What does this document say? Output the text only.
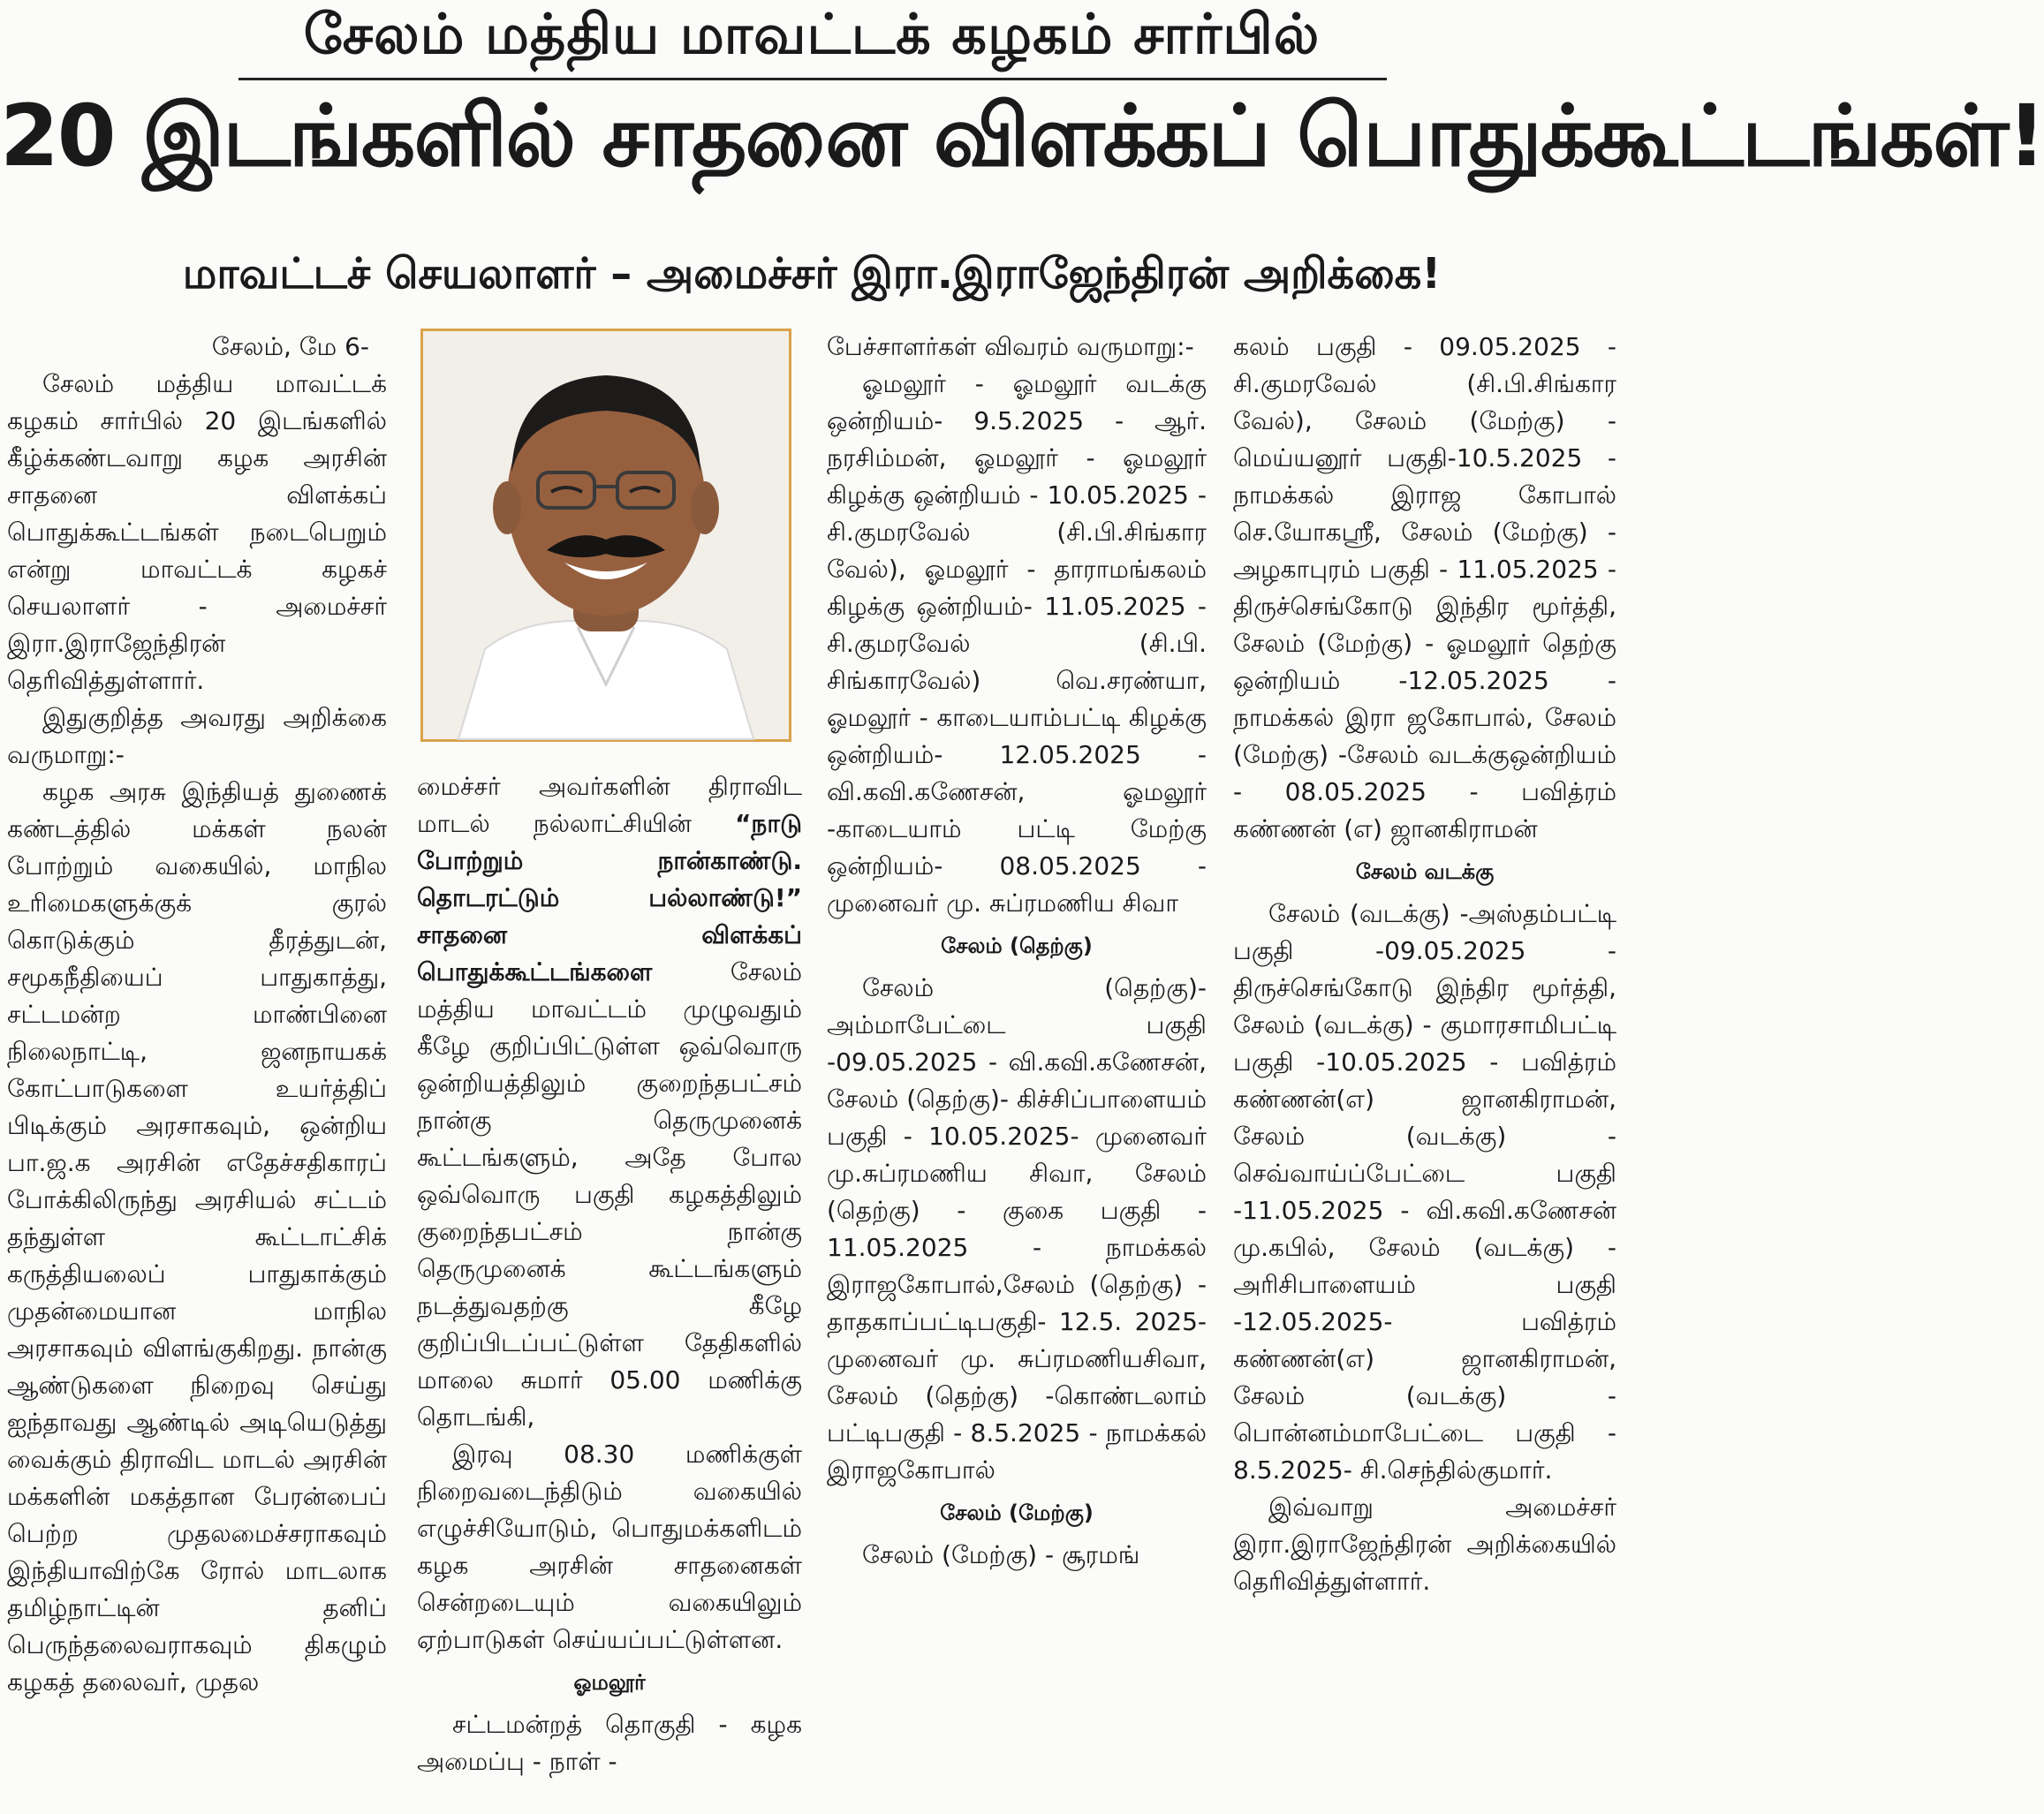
சேலம் மத்திய மாவட்டக் கழகம் சார்பில்
20 இடங்களில் சாதனை விளக்கப் பொதுக்கூட்டங்கள்!
மாவட்டச் செயலாளர் – அமைச்சர் இரா.இராஜேந்திரன் அறிக்கை!

சேலம், மே 6-

சேலம் மத்திய மாவட்டக் கழகம் சார்பில் 20 இடங்களில் கீழ்க்கண்டவாறு கழக அரசின் சாதனை விளக்கப் பொதுக்கூட்டங்கள் நடைபெறும் என்று மாவட்டக் கழகச் செயலாளர் - அமைச்சர் இரா.இராஜேந்திரன் தெரிவித்துள்ளார்.

இதுகுறித்த அவரது அறிக்கை வருமாறு:-

கழக அரசு இந்தியத் துணைக் கண்டத்தில் மக்கள் நலன் போற்றும் வகையில், மாநில உரிமைகளுக்குக் குரல் கொடுக்கும் தீரத்துடன், சமூகநீதியைப் பாதுகாத்து, சட்டமன்ற மாண்பினை நிலைநாட்டி, ஜனநாயகக் கோட்பாடுகளை உயர்த்திப் பிடிக்கும் அரசாகவும், ஒன்றிய பா.ஜ.க அரசின் எதேச்சதிகாரப் போக்கிலிருந்து அரசியல் சட்டம் தந்துள்ள கூட்டாட்சிக் கருத்தியலைப் பாதுகாக்கும் முதன்மையான மாநில அரசாகவும் விளங்குகிறது. நான்கு ஆண்டுகளை நிறைவு செய்து ஐந்தாவது ஆண்டில் அடியெடுத்து வைக்கும் திராவிட மாடல் அரசின் மக்களின் மகத்தான பேரன்பைப் பெற்ற முதலமைச்சராகவும் இந்தியாவிற்கே ரோல் மாடலாக தமிழ்நாட்டின் தனிப் பெருந்தலைவராகவும் திகழும் கழகத் தலைவர், முதல

மைச்சர் அவர்களின் திராவிட மாடல் நல்லாட்சியின் “நாடு போற்றும் நான்காண்டு. தொடரட்டும் பல்லாண்டு!” சாதனை விளக்கப் பொதுக்கூட்டங்களை சேலம் மத்திய மாவட்டம் முழுவதும் கீழே குறிப்பிட்டுள்ள ஒவ்வொரு ஒன்றியத்திலும் குறைந்தபட்சம் நான்கு தெருமுனைக் கூட்டங்களும், அதே போல ஒவ்வொரு பகுதி கழகத்திலும் குறைந்தபட்சம் நான்கு தெருமுனைக் கூட்டங்களும் நடத்துவதற்கு கீழே குறிப்பிடப்பட்டுள்ள தேதிகளில் மாலை சுமார் 05.00 மணிக்கு தொடங்கி,

இரவு 08.30 மணிக்குள் நிறைவடைந்திடும் வகையில் எழுச்சியோடும், பொதுமக்களிடம் கழக அரசின் சாதனைகள் சென்றடையும் வகையிலும் ஏற்பாடுகள் செய்யப்பட்டுள்ளன.

ஓமலூர்

சட்டமன்றத் தொகுதி - கழக அமைப்பு - நாள் -

பேச்சாளர்கள் விவரம் வருமாறு:-

ஓமலூர் - ஓமலூர் வடக்கு ஒன்றியம்- 9.5.2025 - ஆர். நரசிம்மன், ஓமலூர் - ஓமலூர் கிழக்கு ஒன்றியம் - 10.05.2025 - சி.குமரவேல் (சி.பி.சிங்கார வேல்), ஓமலூர் - தாராமங்கலம் கிழக்கு ஒன்றியம்- 11.05.2025 - சி.குமரவேல் (சி.பி. சிங்காரவேல்) வெ.சரண்யா, ஓமலூர் - காடையாம்பட்டி கிழக்கு ஒன்றியம்- 12.05.2025 - வி.கவி.கணேசன், ஓமலூர் -காடையாம் பட்டி மேற்கு ஒன்றியம்- 08.05.2025 - முனைவர் மு. சுப்ரமணிய சிவா

சேலம் (தெற்கு)

சேலம் (தெற்கு)- அம்மாபேட்டை பகுதி -09.05.2025 - வி.கவி.கணேசன், சேலம் (தெற்கு)- கிச்சிப்பாளையம் பகுதி - 10.05.2025- முனைவர் மு.சுப்ரமணிய சிவா, சேலம் (தெற்கு) - குகை பகுதி - 11.05.2025 - நாமக்கல் இராஜகோபால்,சேலம் (தெற்கு) - தாதகாப்பட்டிபகுதி- 12.5. 2025- முனைவர் மு. சுப்ரமணியசிவா, சேலம் (தெற்கு) -கொண்டலாம் பட்டிபகுதி - 8.5.2025 - நாமக்கல் இராஜகோபால்

சேலம் (மேற்கு)

சேலம் (மேற்கு) - சூரமங்

கலம் பகுதி - 09.05.2025 - சி.குமரவேல் (சி.பி.சிங்கார வேல்), சேலம் (மேற்கு) - மெய்யனூர் பகுதி-10.5.2025 - நாமக்கல் இராஜ கோபால் செ.யோகஸ்ரீ, சேலம் (மேற்கு) - அழகாபுரம் பகுதி - 11.05.2025 - திருச்செங்கோடு இந்திர மூர்த்தி, சேலம் (மேற்கு) - ஓமலூர் தெற்கு ஒன்றியம் -12.05.2025 - நாமக்கல் இரா ஜகோபால், சேலம் (மேற்கு) -சேலம் வடக்குஒன்றியம் - 08.05.2025 - பவித்ரம் கண்ணன் (எ) ஜானகிராமன்

சேலம் வடக்கு

சேலம் (வடக்கு) -அஸ்தம்பட்டி பகுதி -09.05.2025 - திருச்செங்கோடு இந்திர மூர்த்தி, சேலம் (வடக்கு) - குமாரசாமிபட்டி பகுதி -10.05.2025 - பவித்ரம் கண்ணன்(எ) ஜானகிராமன், சேலம் (வடக்கு) - செவ்வாய்ப்பேட்டை பகுதி -11.05.2025 - வி.கவி.கணேசன் மு.கபில், சேலம் (வடக்கு) - அரிசிபாளையம் பகுதி -12.05.2025- பவித்ரம் கண்ணன்(எ) ஜானகிராமன், சேலம் (வடக்கு) - பொன்னம்மாபேட்டை பகுதி - 8.5.2025- சி.செந்தில்குமார்.

இவ்வாறு அமைச்சர் இரா.இராஜேந்திரன் அறிக்கையில் தெரிவித்துள்ளார்.
